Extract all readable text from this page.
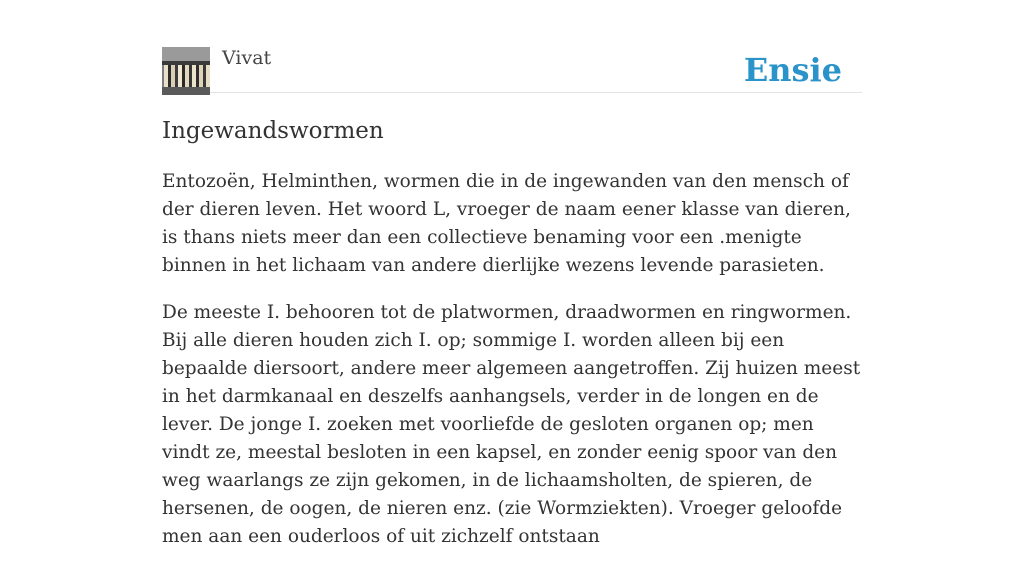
Vivat	Ensie
Ingewandswormen

Entozoën, Helminthen, wormen die in de ingewanden van den mensch of der dieren leven. Het woord L, vroeger de naam eener klasse van dieren, is thans niets meer dan een collectieve benaming voor een .menigte binnen in het lichaam van andere dierlijke wezens levende parasieten.

De meeste I. behooren tot de platwormen, draadwormen en ringwormen. Bij alle dieren houden zich I. op; sommige I. worden alleen bij een bepaalde diersoort, andere meer algemeen aangetroffen. Zij huizen meest in het darmkanaal en deszelfs aanhangsels, verder in de longen en de lever. De jonge I. zoeken met voorliefde de gesloten organen op; men vindt ze, meestal besloten in een kapsel, en zonder eenig spoor van den weg waarlangs ze zijn gekomen, in de lichaamsholten, de spieren, de hersenen, de oogen, de nieren enz. (zie Wormziekten). Vroeger geloofde men aan een ouderloos of uit zichzelf ontstaan
